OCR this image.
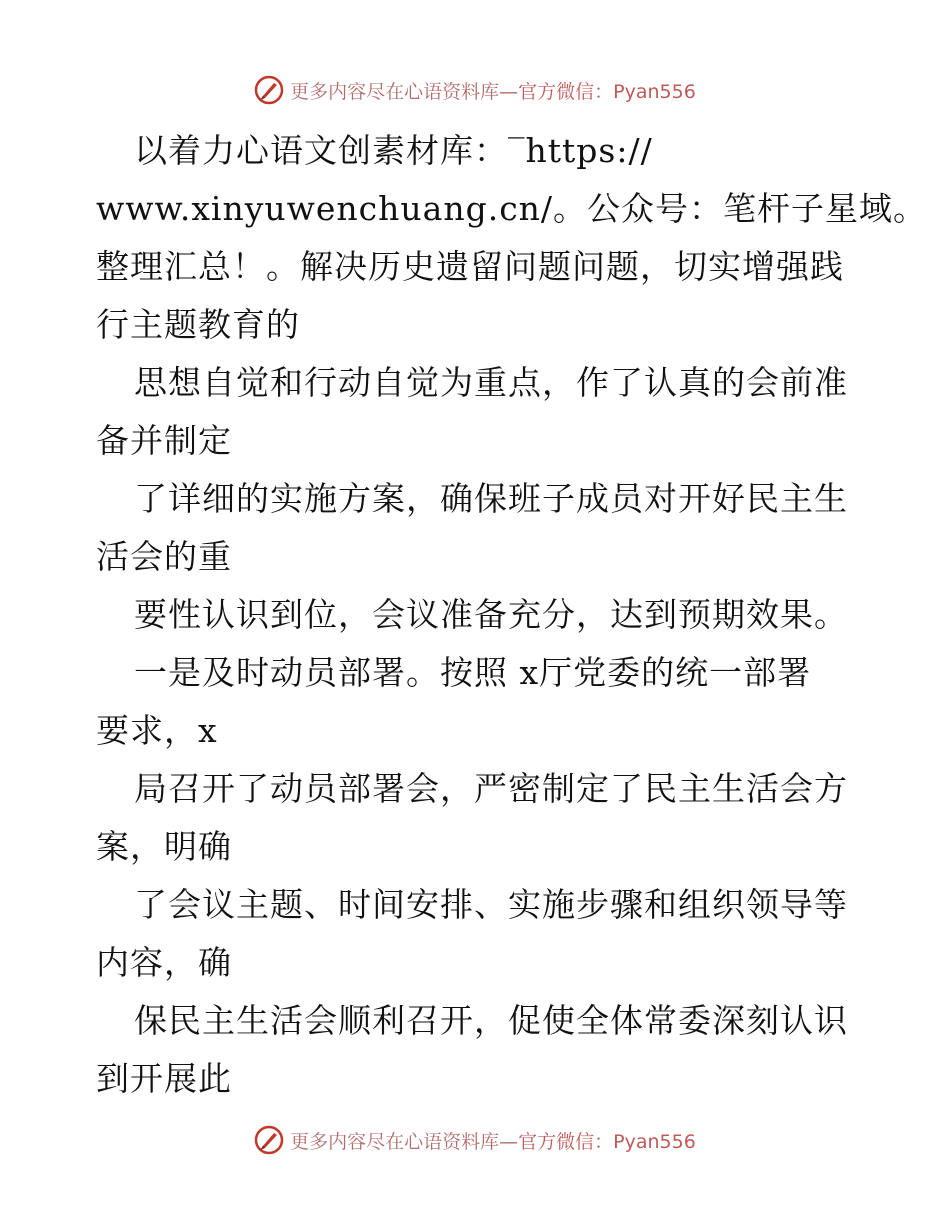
更多内容尽在心语资料库—官方微信：Pyan556
以着力心语文创素材库：‾https://
www.xinyuwenchuang.cn/。公众号：笔杆子星域。
整理汇总！。解决历史遗留问题问题，切实增强践
行主题教育的
思想自觉和行动自觉为重点，作了认真的会前准
备并制定
了详细的实施方案，确保班子成员对开好民主生
活会的重
要性认识到位，会议准备充分，达到预期效果。
一是及时动员部署。按照 x厅党委的统一部署
要求，x
局召开了动员部署会，严密制定了民主生活会方
案，明确
了会议主题、时间安排、实施步骤和组织领导等
内容，确
保民主生活会顺利召开，促使全体常委深刻认识
到开展此
更多内容尽在心语资料库—官方微信：Pyan556
